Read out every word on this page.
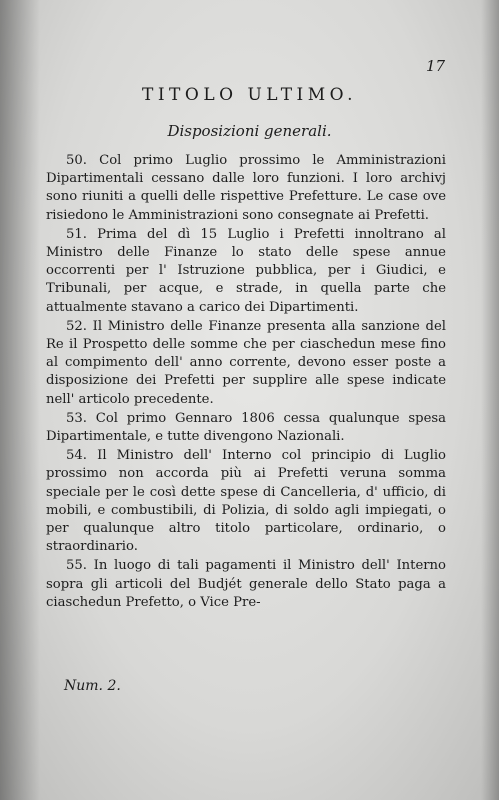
17
TITOLO ULTIMO.
Disposizioni generali.

50. Col primo Luglio prossimo le Amministrazioni Dipartimentali cessano dalle loro funzioni. I loro archivj sono riuniti a quelli delle rispettive Prefetture. Le case ove risiedono le Amministrazioni sono consegnate ai Prefetti.

51. Prima del dì 15 Luglio i Prefetti innoltrano al Ministro delle Finanze lo stato delle spese annue occorrenti per l' Istruzione pubblica, per i Giudici, e Tribunali, per acque, e strade, in quella parte che attualmente stavano a carico dei Dipartimenti.

52. Il Ministro delle Finanze presenta alla sanzione del Re il Prospetto delle somme che per ciaschedun mese fino al compimento dell' anno corrente, devono esser poste a disposizione dei Prefetti per supplire alle spese indicate nell' articolo precedente.

53. Col primo Gennaro 1806 cessa qualunque spesa Dipartimentale, e tutte divengono Nazionali.

54. Il Ministro dell' Interno col principio di Luglio prossimo non accorda più ai Prefetti veruna somma speciale per le così dette spese di Cancelleria, d' ufficio, di mobili, e combustibili, di Polizia, di soldo agli impiegati, o per qualunque altro titolo particolare, ordinario, o straordinario.

55. In luogo di tali pagamenti il Ministro dell' Interno sopra gli articoli del Budjét generale dello Stato paga a ciaschedun Prefetto, o Vice Pre-

Num. 2.
